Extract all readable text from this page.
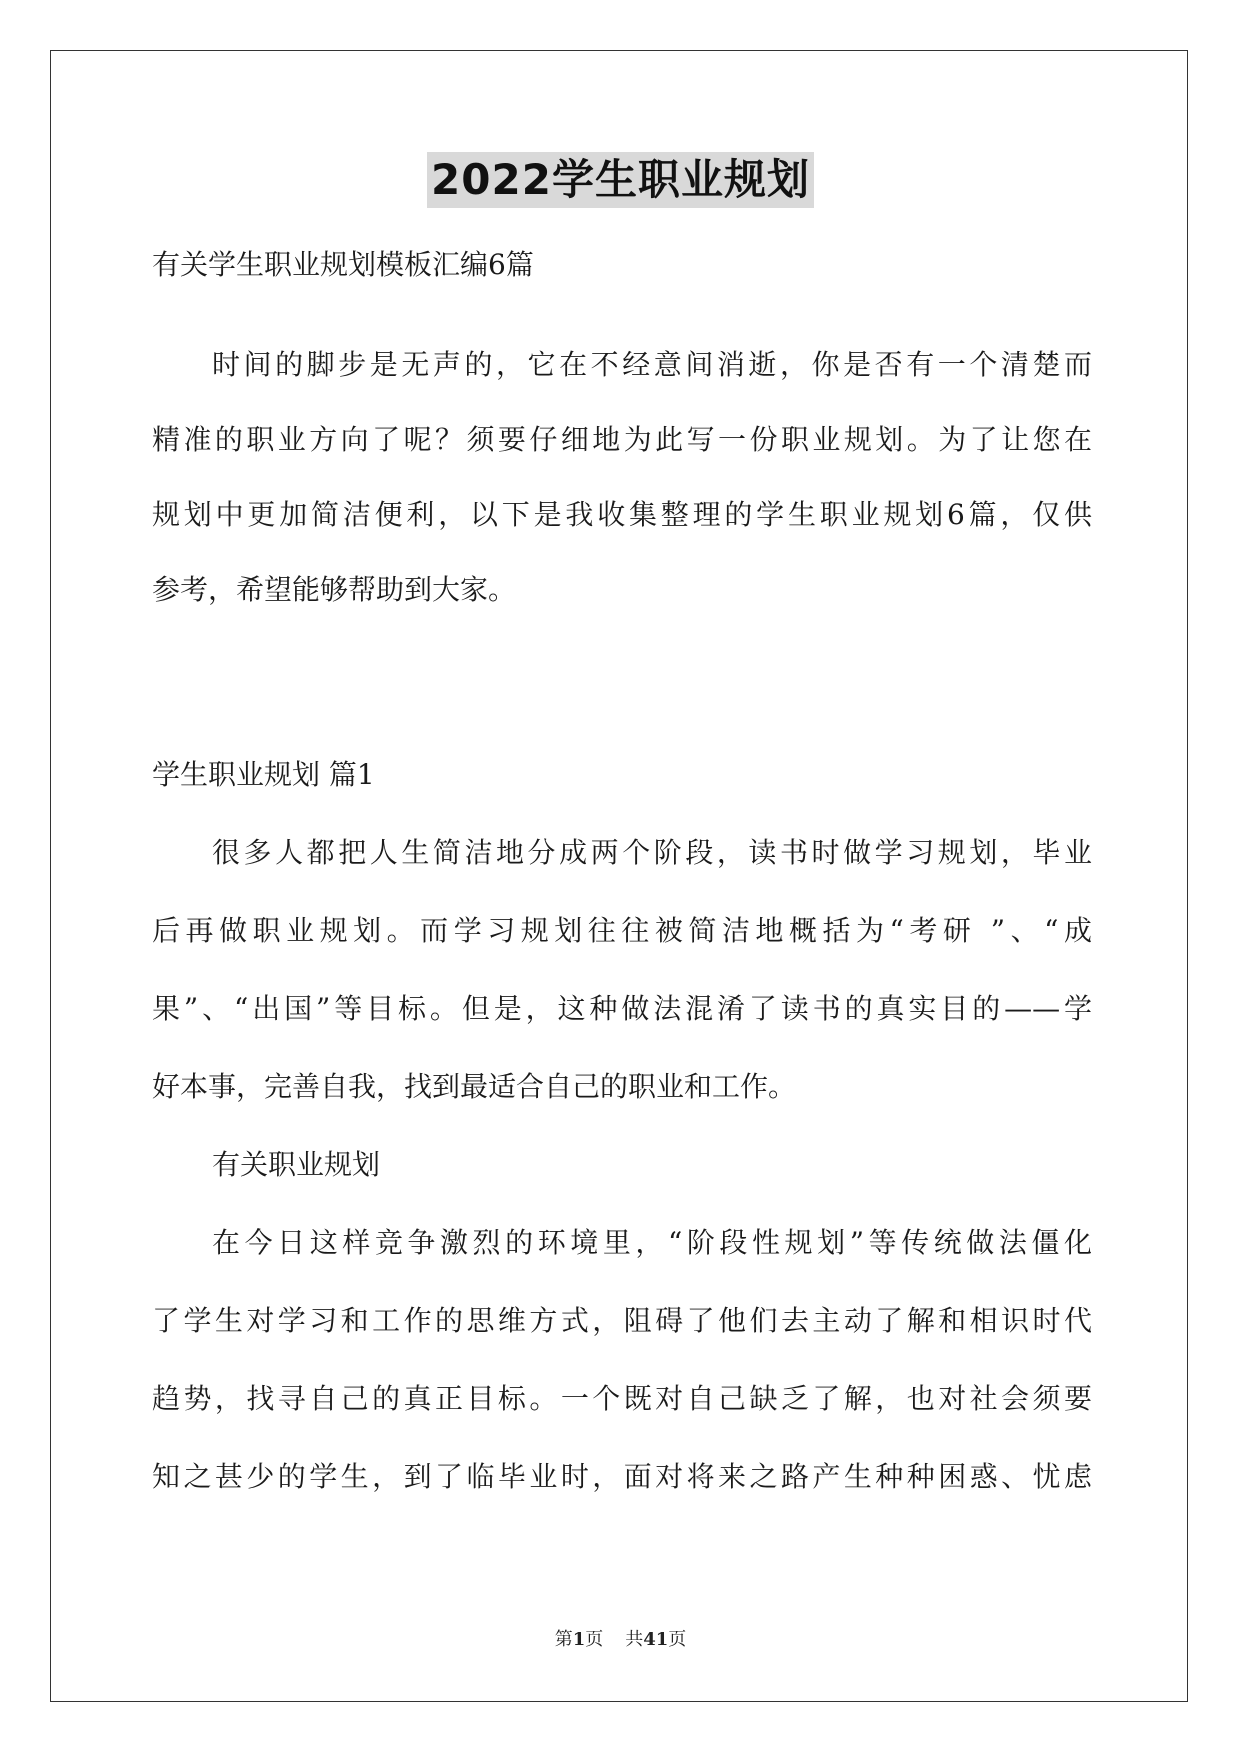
2022学生职业规划
有关学生职业规划模板汇编6篇
时间的脚步是无声的，它在不经意间消逝，你是否有一个清楚而
精准的职业方向了呢？须要仔细地为此写一份职业规划。为了让您在
规划中更加简洁便利，以下是我收集整理的学生职业规划6篇，仅供
参考，希望能够帮助到大家。
学生职业规划 篇1
很多人都把人生简洁地分成两个阶段，读书时做学习规划，毕业
后再做职业规划。而学习规划往往被简洁地概括为“考研 ”、“成
果”、“出国”等目标。但是，这种做法混淆了读书的真实目的——学
好本事，完善自我，找到最适合自己的职业和工作。
有关职业规划
在今日这样竞争激烈的环境里，“阶段性规划”等传统做法僵化
了学生对学习和工作的思维方式，阻碍了他们去主动了解和相识时代
趋势，找寻自己的真正目标。一个既对自己缺乏了解，也对社会须要
知之甚少的学生，到了临毕业时，面对将来之路产生种种困惑、忧虑
第1页 共41页
